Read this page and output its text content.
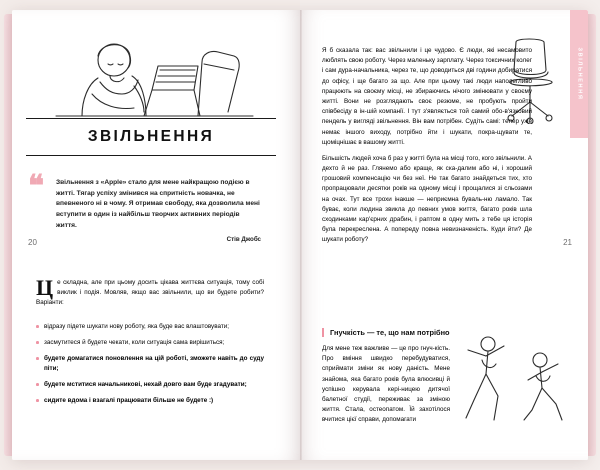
20
ЗВІЛЬНЕННЯ
❝ Звільнення з «Apple» стало для мене найкращою подією в житті. Тягар успіху змінився на спритність новачка, не впевненого ні в чому. Я отримав свободу, яка дозволила мені вступити в один із найбільш творчих активних періодів життя.
Стів Джобс
Це складна, але при цьому досить цікава життєва ситуація, тому собі виклик і подія. Мовляв, якщо вас звільнили, що ви будете робити? Варіанти:
відразу підете шукати нову роботу, яка буде вас влаштовувати;
засмутитеся й будете чекати, коли ситуація сама вирішиться;
будете домагатися поновлення на цій роботі, зможете навіть до суду піти;
будете мститися начальникові, нехай довго вам буде згадувати;
сидите вдома і взагалі працювати більше не будете :)
ЗВІЛЬНЕННЯ
21

Я б сказала так: вас звільнили і це чудово. Є люди, які несамовито люблять свою роботу. Через маленьку зарплату. Через токсичних колег і сам дура-начальника, через те, що доводиться дві години добиратися до офісу, і ще багато за що. Але при цьому такі люди наполегливо працюють на своєму місці, не збираючись нічого змінювати у своєму житті. Вони не розглядають своє резюме, не пробують пройти співбесіду в ін-шій компанії. І тут з'являється той самий обо-в'язковий пендель у вигляді звільнення. Він вам потрібен. Судіть самі: тепер уже немає іншого виходу, потрібно йти і шукати, покра-щувати те, щоміцнішає в вашому житті.

Більшість людей хоча б раз у житті була на місці того, кого звільнили. А дехто й не раз. Глянемо або краще, як ска-далим або ні, і хороший грошовий компенсацію чи без неї. Не так багато знайдеться тих, хто пропрацювали десятки років на одному місці і прощалися зі сльозами на очах. Тут все трохи інакше — неприємна буваль-ню ламало. Так буває, коли людина звикла до певних умов життя, багато років шла сходинками кар'єрних драбин, і раптом в одну мить з тебе ця історія була перекреслена. А попереду повна невизначеність. Куди йти? Де шукати роботу?

Гнучкість — те, що нам потрібно

Для мене теж важливе — це про гнуч-кість. Про вміння швидко перебудуватися, сприймати зміни як нову даність. Мене знайома, яка багато років була влюсивці й успішно керувала кері-ницею дитячої балетної студії, переживає за зміною життя. Стала, остеопатом. Їй захотілося вчитися цієї справи, допомагати
